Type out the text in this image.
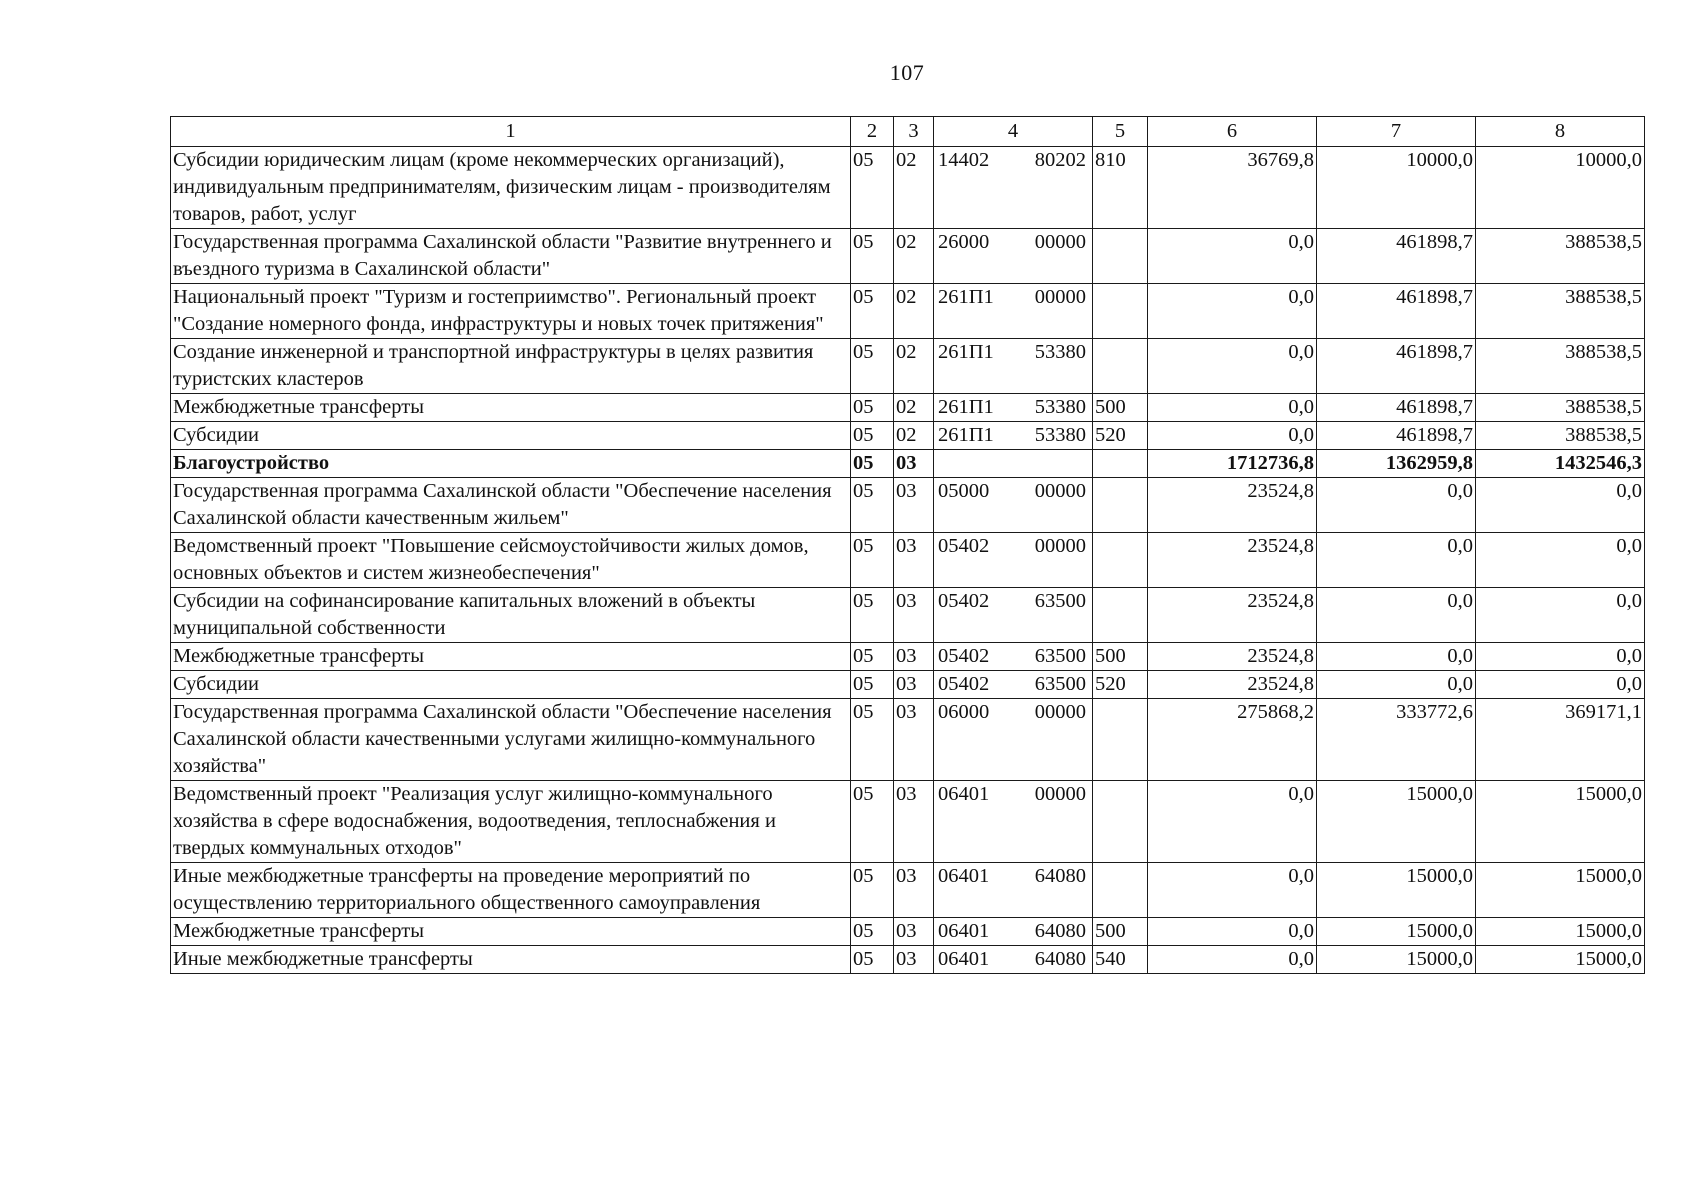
107
1	2	3	4	5	6	7	8
Субсидии юридическим лицам (кроме некоммерческих организаций), индивидуальным предпринимателям, физическим лицам - производителям товаров, работ, услуг	05	02	14402 80202	810	36769,8	10000,0	10000,0
Государственная программа Сахалинской области "Развитие внутреннего и въездного туризма в Сахалинской области"	05	02	26000 00000		0,0	461898,7	388538,5
Национальный проект "Туризм и гостеприимство". Региональный проект "Создание номерного фонда, инфраструктуры и новых точек притяжения"	05	02	261П1 00000		0,0	461898,7	388538,5
Создание инженерной и транспортной инфраструктуры в целях развития туристских кластеров	05	02	261П1 53380		0,0	461898,7	388538,5
Межбюджетные трансферты	05	02	261П1 53380	500	0,0	461898,7	388538,5
Субсидии	05	02	261П1 53380	520	0,0	461898,7	388538,5
Благоустройство	05	03			1712736,8	1362959,8	1432546,3
Государственная программа Сахалинской области "Обеспечение населения Сахалинской области качественным жильем"	05	03	05000 00000		23524,8	0,0	0,0
Ведомственный проект "Повышение сейсмоустойчивости жилых домов, основных объектов и систем жизнеобеспечения"	05	03	05402 00000		23524,8	0,0	0,0
Субсидии на софинансирование капитальных вложений в объекты муниципальной собственности	05	03	05402 63500		23524,8	0,0	0,0
Межбюджетные трансферты	05	03	05402 63500	500	23524,8	0,0	0,0
Субсидии	05	03	05402 63500	520	23524,8	0,0	0,0
Государственная программа Сахалинской области "Обеспечение населения Сахалинской области качественными услугами жилищно-коммунального хозяйства"	05	03	06000 00000		275868,2	333772,6	369171,1
Ведомственный проект "Реализация услуг жилищно-коммунального хозяйства в сфере водоснабжения, водоотведения, теплоснабжения и твердых коммунальных отходов"	05	03	06401 00000		0,0	15000,0	15000,0
Иные межбюджетные трансферты на проведение мероприятий по осуществлению территориального общественного самоуправления	05	03	06401 64080		0,0	15000,0	15000,0
Межбюджетные трансферты	05	03	06401 64080	500	0,0	15000,0	15000,0
Иные межбюджетные трансферты	05	03	06401 64080	540	0,0	15000,0	15000,0
